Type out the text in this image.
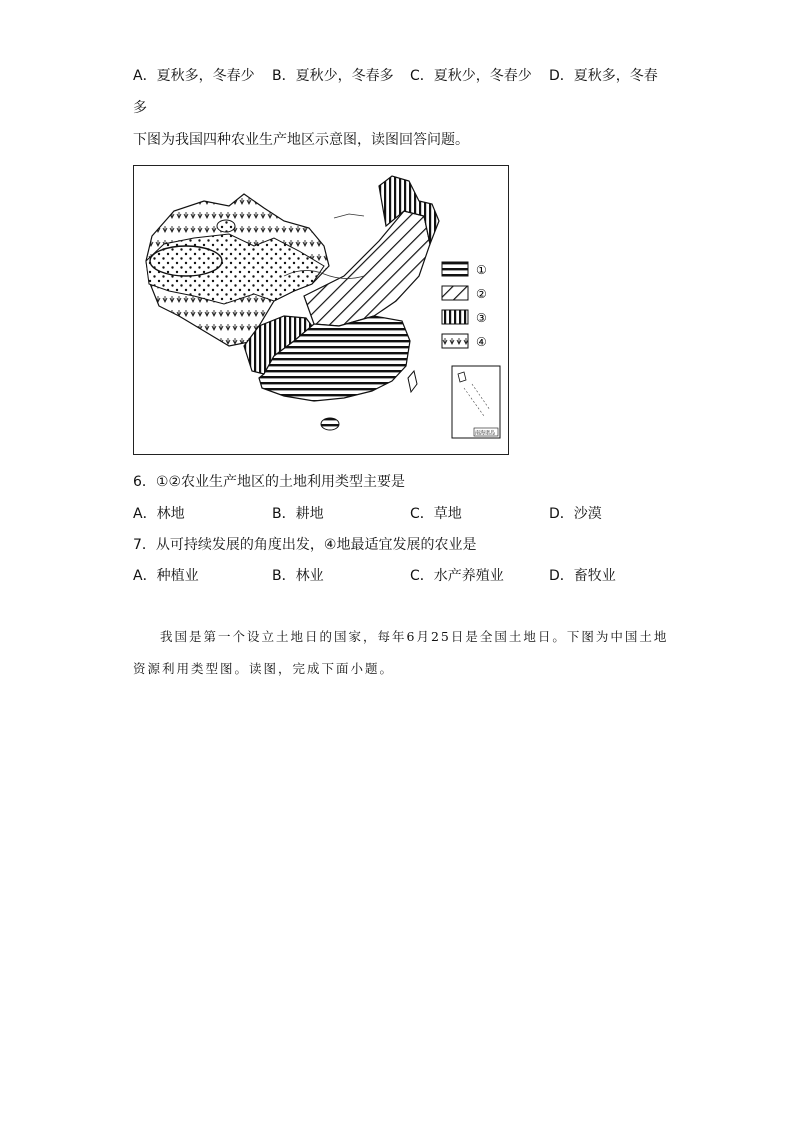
A．夏秋多，冬春少 B．夏秋少，冬春多 C．夏秋少，冬春少 D．夏秋多，冬春
多
下图为我国四种农业生产地区示意图，读图回答问题。
①
②
③
④
南海诸岛
6．①②农业生产地区的土地利用类型主要是
A．林地	B．耕地	C．草地	D．沙漠
7．从可持续发展的角度出发，④地最适宜发展的农业是
A．种植业	B．林业	C．水产养殖业	D．畜牧业
我国是第一个设立土地日的国家，每年6月25日是全国土地日。下图为中国土地
资源利用类型图。读图，完成下面小题。
